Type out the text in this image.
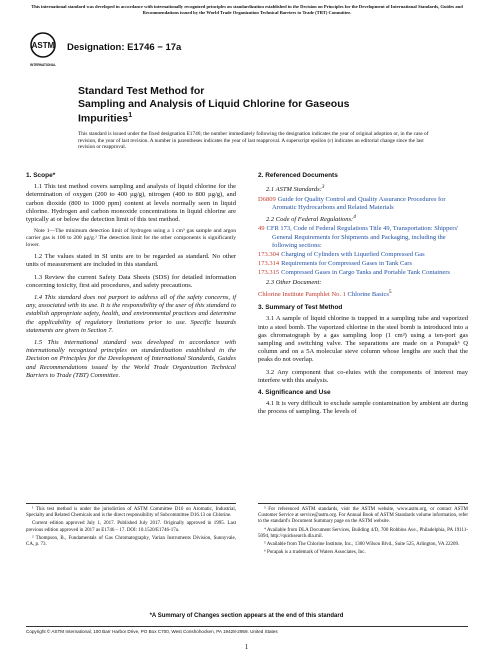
This international standard was developed in accordance with internationally recognized principles on standardization established in the Decision on Principles for the Development of International Standards, Guides and Recommendations issued by the World Trade Organization Technical Barriers to Trade (TBT) Committee.
ASTM
INTERNATIONAL
Designation: E1746 − 17a
Standard Test Method for
Sampling and Analysis of Liquid Chlorine for Gaseous
Impurities$^1$
This standard is issued under the fixed designation E1746; the number immediately following the designation indicates the year of original adoption or, in the case of revision, the year of last revision. A number in parentheses indicates the year of last reapproval. A superscript epsilon (ε) indicates an editorial change since the last revision or reapproval.
1. Scope*

1.1 This test method covers sampling and analysis of liquid chlorine for the determination of oxygen (200 to 400 µg/g), nitrogen (400 to 800 µg/g), and carbon dioxide (800 to 1000 ppm) content at levels normally seen in liquid chlorine. Hydrogen and carbon monoxide concentrations in liquid chlorine are typically at or below the detection limit of this test method.

Note 1—The minimum detection limit of hydrogen using a 1 cm³ gas sample and argon carrier gas is 100 to 200 µg/g.² The detection limit for the other components is significantly lower.

1.2 The values stated in SI units are to be regarded as standard. No other units of measurement are included in this standard.

1.3 Review the current Safety Data Sheets (SDS) for detailed information concerning toxicity, first aid procedures, and safety precautions.

1.4 This standard does not purport to address all of the safety concerns, if any, associated with its use. It is the responsibility of the user of this standard to establish appropriate safety, health, and environmental practices and determine the applicability of regulatory limitations prior to use. Specific hazards statements are given in Section 7.

1.5 This international standard was developed in accordance with internationally recognized principles on standardization established in the Decision on Principles for the Development of International Standards, Guides and Recommendations issued by the World Trade Organization Technical Barriers to Trade (TBT) Committee.

2. Referenced Documents
2.1 ASTM Standards:$^3$
D6809 Guide for Quality Control and Quality Assurance Procedures for Aromatic Hydrocarbons and Related Materials
2.2 Code of Federal Regulations:$^4$
49 CFR 173, Code of Federal Regulations Title 49, Transportation: Shippers' General Requirements for Shipments and Packaging, including the following sections:
173.304 Charging of Cylinders with Liquefied Compressed Gas
173.314 Requirements for Compressed Gases in Tank Cars
173.315 Compressed Gases in Cargo Tanks and Portable Tank Containers
2.3 Other Document:
Chlorine Institute Pamphlet No. 1 Chlorine Basics$^5$
3. Summary of Test Method

3.1 A sample of liquid chlorine is trapped in a sampling tube and vaporized into a steel bomb. The vaporized chlorine in the steel bomb is introduced into a gas chromatograph by a gas sampling loop (1 cm³) using a ten-port gas sampling and switching valve. The separations are made on a Porapak⁶ Q column and on a 5A molecular sieve column whose lengths are such that the peaks do not overlap.

3.2 Any component that co-elutes with the components of interest may interfere with this analysis.

4. Significance and Use

4.1 It is very difficult to exclude sample contamination by ambient air during the process of sampling. The levels of

¹ This test method is under the jurisdiction of ASTM Committee D16 on Aromatic, Industrial, Specialty and Related Chemicals and is the direct responsibility of Subcommittee D16.13 on Chlorine.
Current edition approved July 1, 2017. Published July 2017. Originally approved in 1995. Last previous edition approved in 2017 as E1746 – 17. DOI: 10.1520/E1746-17a.
² Thompson, B., Fundamentals of Gas Chromatography, Varian Instruments Division, Sunnyvale, CA, p. 73.
³ For referenced ASTM standards, visit the ASTM website, www.astm.org, or contact ASTM Customer Service at service@astm.org. For Annual Book of ASTM Standards volume information, refer to the standard's Document Summary page on the ASTM website.
⁴ Available from DLA Document Services, Building 4/D, 700 Robbins Ave., Philadelphia, PA 19111-5094, http://quicksearch.dla.mil.
⁵ Available from The Chlorine Institute, Inc., 1300 Wilson Blvd., Suite 525, Arlington, VA 22209.
⁶ Porapak is a trademark of Waters Associates, Inc.
*A Summary of Changes section appears at the end of this standard
Copyright © ASTM International, 100 Barr Harbor Drive, PO Box C700, West Conshohocken, PA 19428-2959. United States
1
